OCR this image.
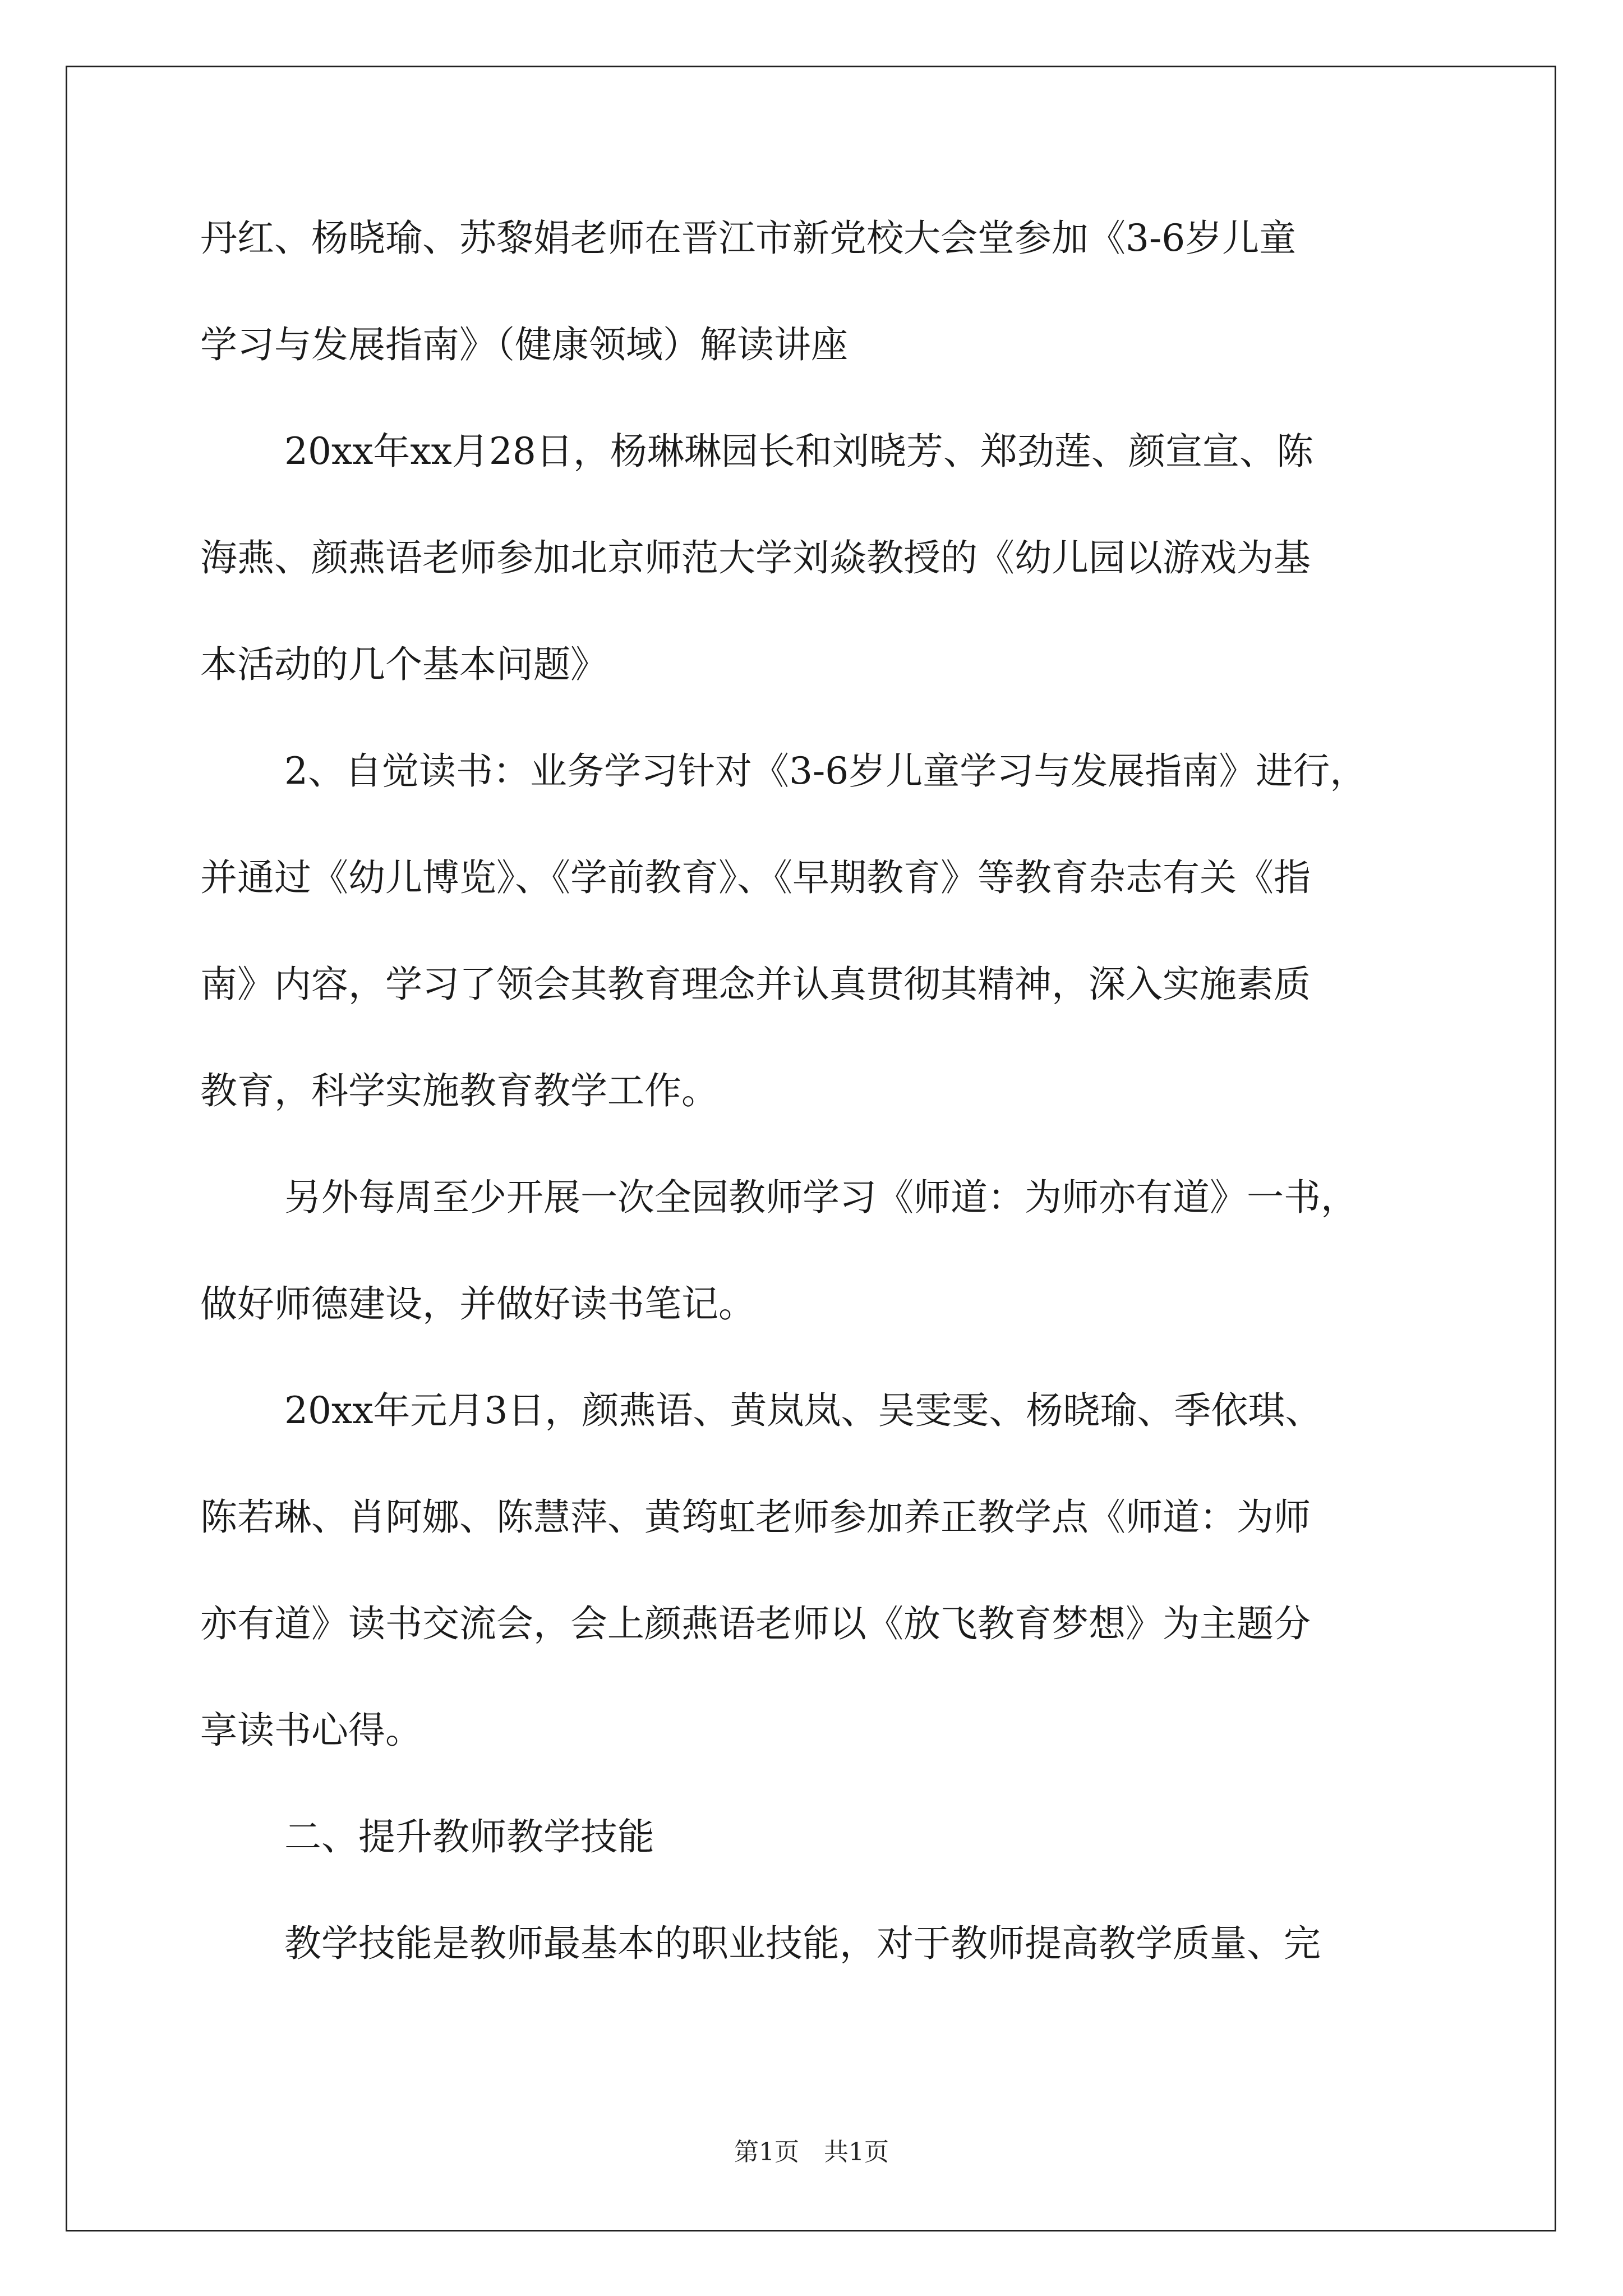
丹红、杨晓瑜、苏黎娟老师在晋江市新党校大会堂参加《3-6岁儿童
学习与发展指南》（健康领域）解读讲座
20xx年xx月28日，杨琳琳园长和刘晓芳、郑劲莲、颜宣宣、陈
海燕、颜燕语老师参加北京师范大学刘焱教授的《幼儿园以游戏为基
本活动的几个基本问题》
2、自觉读书：业务学习针对《3-6岁儿童学习与发展指南》进行，
并通过《幼儿博览》、《学前教育》、《早期教育》等教育杂志有关《指
南》内容，学习了领会其教育理念并认真贯彻其精神，深入实施素质
教育，科学实施教育教学工作。
另外每周至少开展一次全园教师学习《师道：为师亦有道》一书，
做好师德建设，并做好读书笔记。
20xx年元月3日，颜燕语、黄岚岚、吴雯雯、杨晓瑜、季依琪、
陈若琳、肖阿娜、陈慧萍、黄筠虹老师参加养正教学点《师道：为师
亦有道》读书交流会，会上颜燕语老师以《放飞教育梦想》为主题分
享读书心得。
二、提升教师教学技能
教学技能是教师最基本的职业技能，对于教师提高教学质量、完
第1页　共1页
